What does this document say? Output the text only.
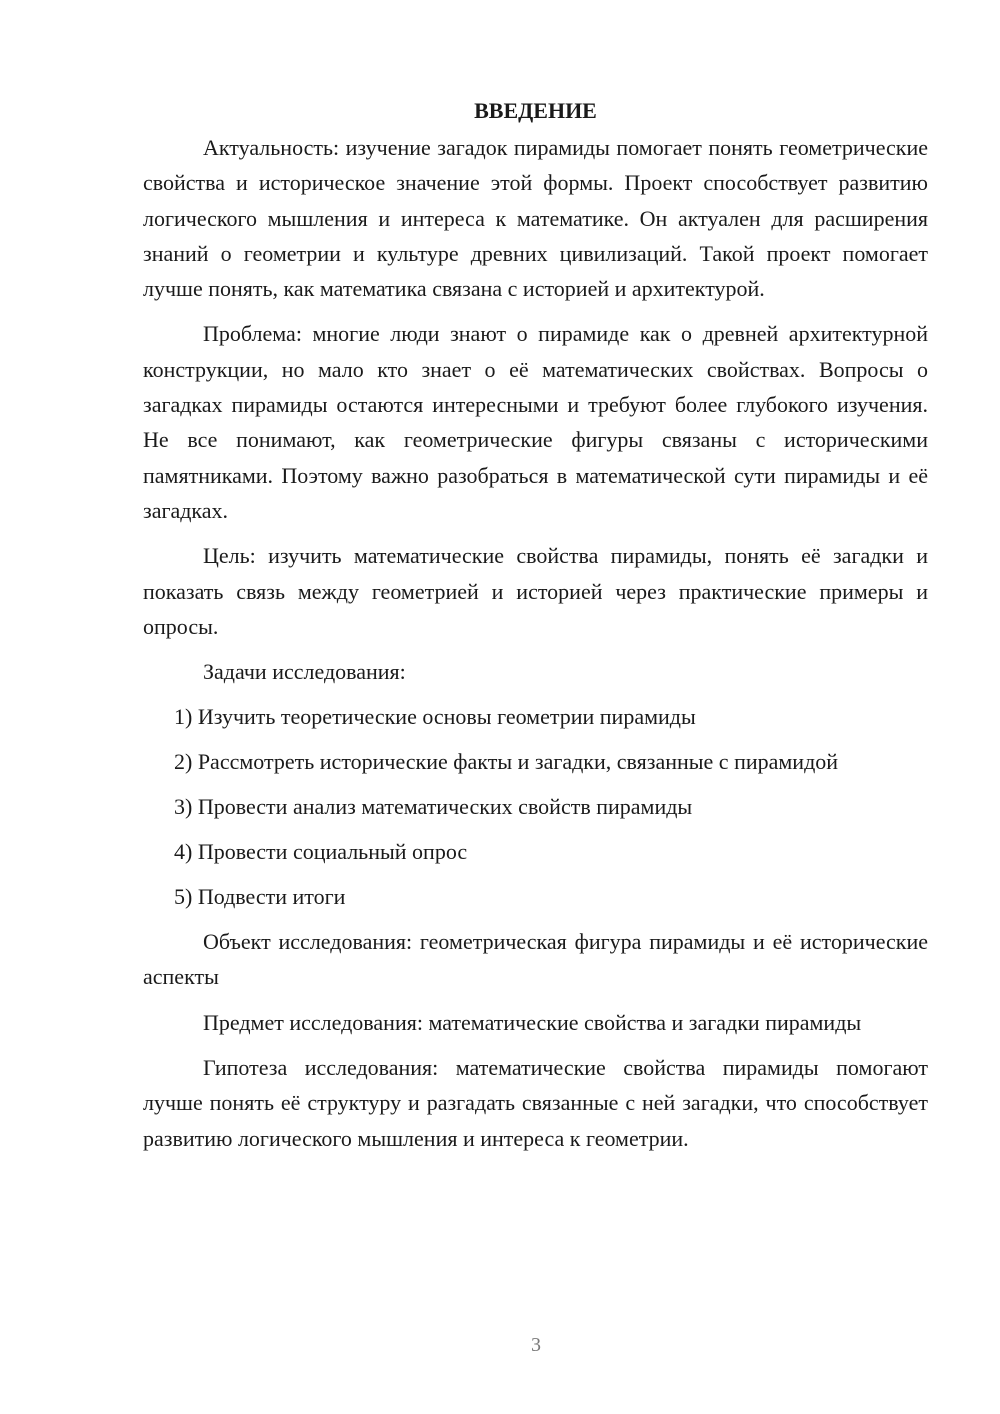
ВВЕДЕНИЕ

Актуальность: изучение загадок пирамиды помогает понять геометрические свойства и историческое значение этой формы. Проект способствует развитию логического мышления и интереса к математике. Он актуален для расширения знаний о геометрии и культуре древних цивилизаций. Такой проект помогает лучше понять, как математика связана с историей и архитектурой.

Проблема: многие люди знают о пирамиде как о древней архитектурной конструкции, но мало кто знает о её математических свойствах. Вопросы о загадках пирамиды остаются интересными и требуют более глубокого изучения. Не все понимают, как геометрические фигуры связаны с историческими памятниками. Поэтому важно разобраться в математической сути пирамиды и её загадках.

Цель: изучить математические свойства пирамиды, понять её загадки и показать связь между геометрией и историей через практические примеры и опросы.

Задачи исследования:
1) Изучить теоретические основы геометрии пирамиды
2) Рассмотреть исторические факты и загадки, связанные с пирамидой
3) Провести анализ математических свойств пирамиды
4) Провести социальный опрос
5) Подвести итоги

Объект исследования: геометрическая фигура пирамиды и её исторические аспекты

Предмет исследования: математические свойства и загадки пирамиды

Гипотеза исследования: математические свойства пирамиды помогают лучше понять её структуру и разгадать связанные с ней загадки, что способствует развитию логического мышления и интереса к геометрии.

3
